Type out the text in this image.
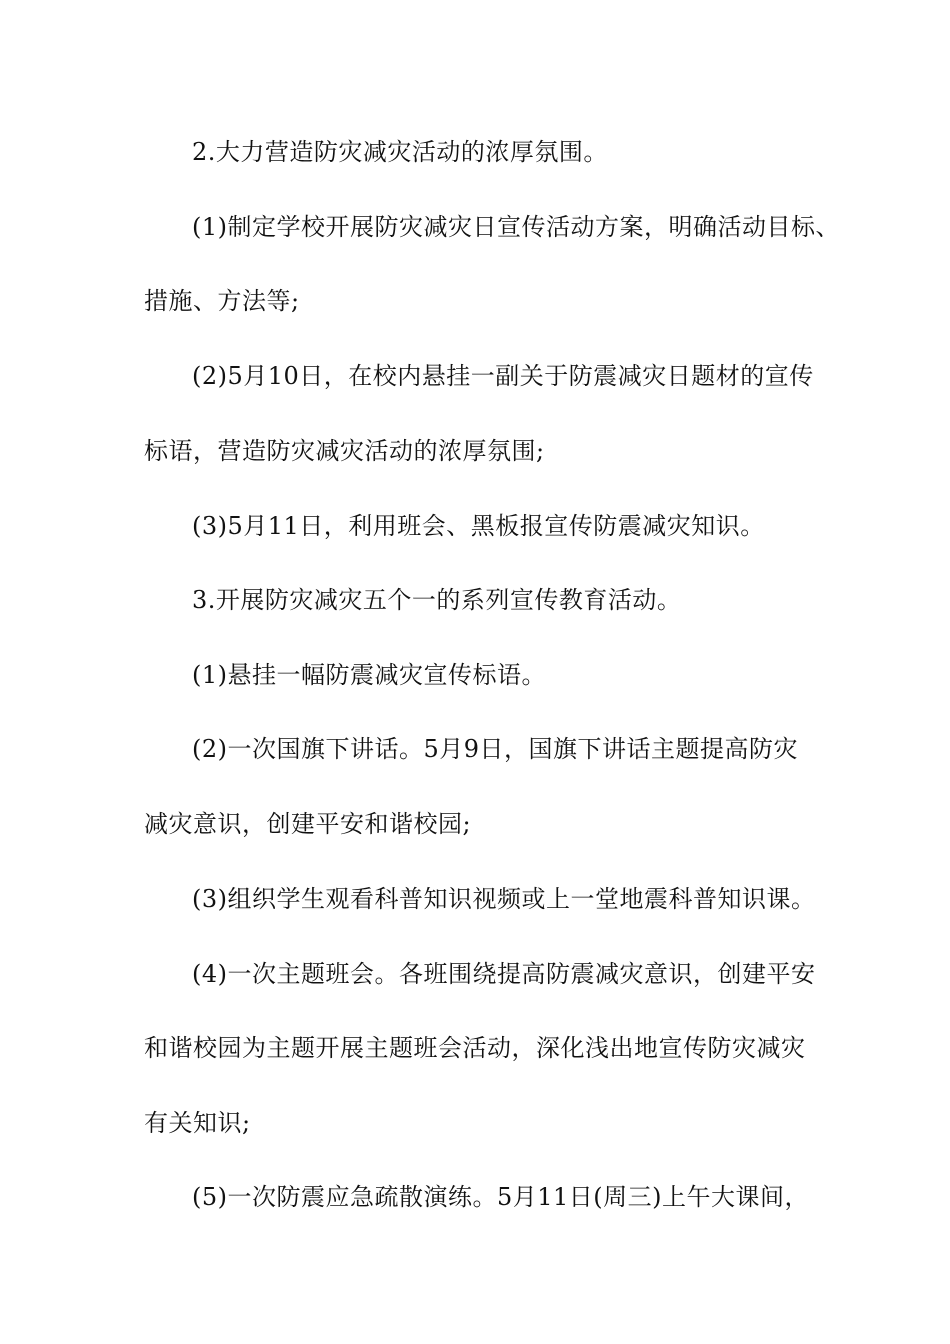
2.大力营造防灾减灾活动的浓厚氛围。
(1)制定学校开展防灾减灾日宣传活动方案，明确活动目标、
措施、方法等;
(2)5月10日，在校内悬挂一副关于防震减灾日题材的宣传
标语，营造防灾减灾活动的浓厚氛围;
(3)5月11日，利用班会、黑板报宣传防震减灾知识。
3.开展防灾减灾五个一的系列宣传教育活动。
(1)悬挂一幅防震减灾宣传标语。
(2)一次国旗下讲话。5月9日，国旗下讲话主题提高防灾
减灾意识，创建平安和谐校园;
(3)组织学生观看科普知识视频或上一堂地震科普知识课。
(4)一次主题班会。各班围绕提高防震减灾意识，创建平安
和谐校园为主题开展主题班会活动，深化浅出地宣传防灾减灾
有关知识;
(5)一次防震应急疏散演练。5月11日(周三)上午大课间，
